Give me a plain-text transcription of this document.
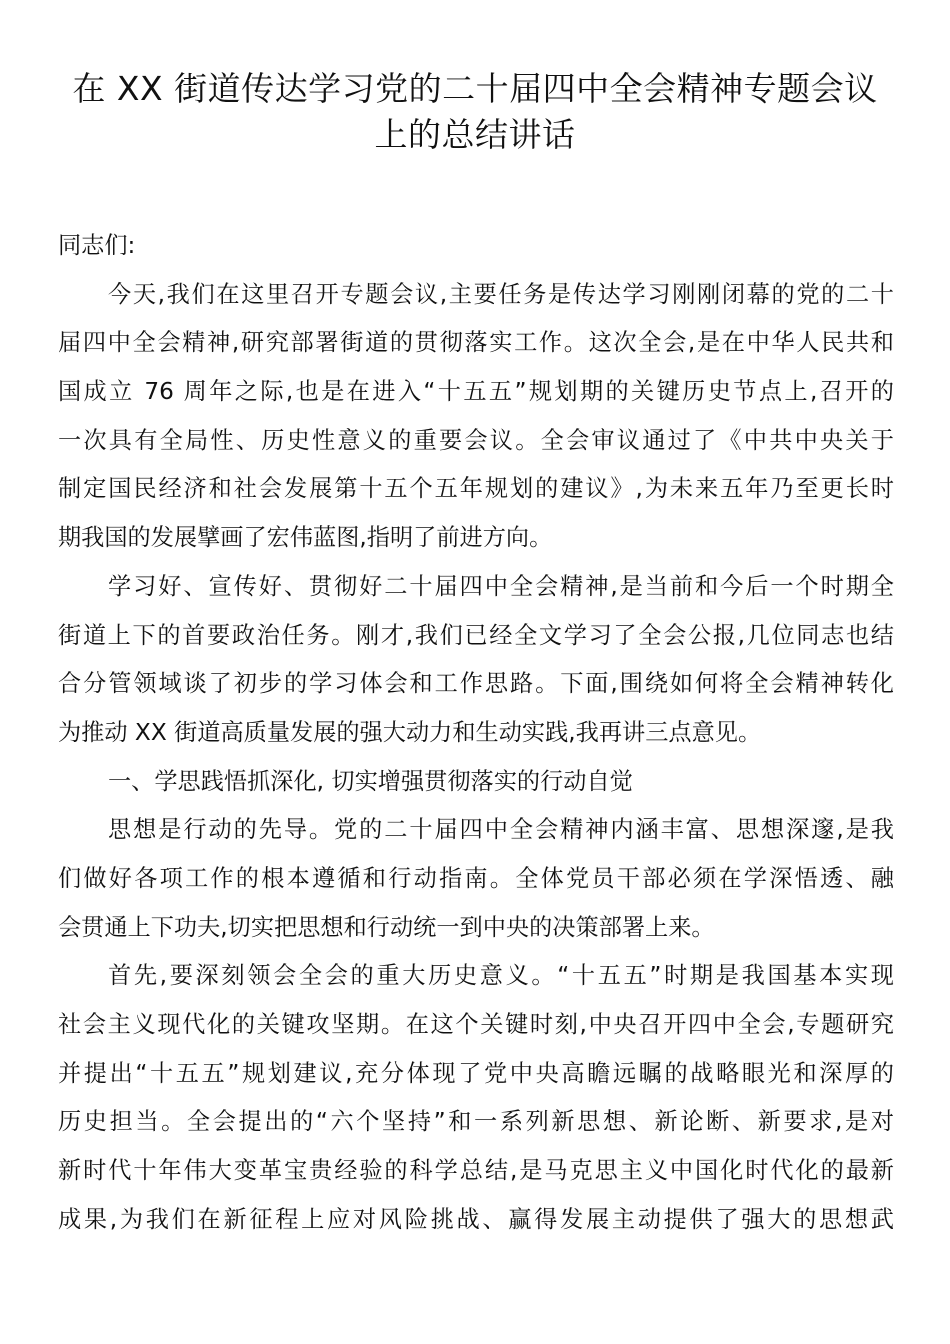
在 XX 街道传达学习党的二十届四中全会精神专题会议
上的总结讲话
同志们:
今天,我们在这里召开专题会议,主要任务是传达学习刚刚闭幕的党的二十
届四中全会精神,研究部署街道的贯彻落实工作。这次全会,是在中华人民共和
国成立 76 周年之际,也是在进入“十五五”规划期的关键历史节点上,召开的
一次具有全局性、历史性意义的重要会议。全会审议通过了《中共中央关于
制定国民经济和社会发展第十五个五年规划的建议》,为未来五年乃至更长时
期我国的发展擘画了宏伟蓝图,指明了前进方向。
学习好、宣传好、贯彻好二十届四中全会精神,是当前和今后一个时期全
街道上下的首要政治任务。刚才,我们已经全文学习了全会公报,几位同志也结
合分管领域谈了初步的学习体会和工作思路。下面,围绕如何将全会精神转化
为推动 XX 街道高质量发展的强大动力和生动实践,我再讲三点意见。
一、学思践悟抓深化, 切实增强贯彻落实的行动自觉
思想是行动的先导。党的二十届四中全会精神内涵丰富、思想深邃,是我
们做好各项工作的根本遵循和行动指南。全体党员干部必须在学深悟透、融
会贯通上下功夫,切实把思想和行动统一到中央的决策部署上来。
首先,要深刻领会全会的重大历史意义。“十五五”时期是我国基本实现
社会主义现代化的关键攻坚期。在这个关键时刻,中央召开四中全会,专题研究
并提出“十五五”规划建议,充分体现了党中央高瞻远瞩的战略眼光和深厚的
历史担当。全会提出的“六个坚持”和一系列新思想、新论断、新要求,是对
新时代十年伟大变革宝贵经验的科学总结,是马克思主义中国化时代化的最新
成果,为我们在新征程上应对风险挑战、赢得发展主动提供了强大的思想武
